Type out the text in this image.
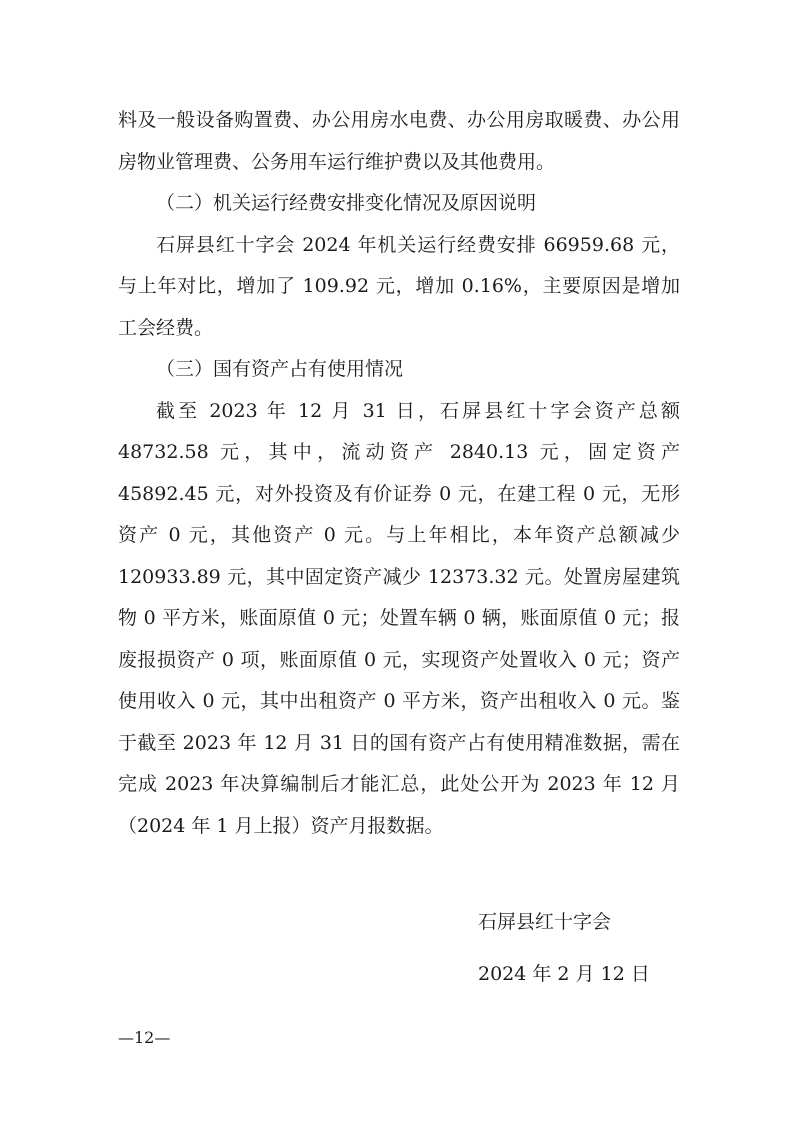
料及一般设备购置费、办公用房水电费、办公用房取暖费、办公用房物业管理费、公务用车运行维护费以及其他费用。

（二）机关运行经费安排变化情况及原因说明

石屏县红十字会 2024 年机关运行经费安排 66959.68 元，与上年对比，增加了 109.92 元，增加 0.16%，主要原因是增加工会经费。

（三）国有资产占有使用情况

截至 2023 年 12 月 31 日，石屏县红十字会资产总额 48732.58 元，其中，流动资产 2840.13 元，固定资产 45892.45 元，对外投资及有价证券 0 元，在建工程 0 元，无形资产 0 元，其他资产 0 元。与上年相比，本年资产总额减少 120933.89 元，其中固定资产减少 12373.32 元。处置房屋建筑物 0 平方米，账面原值 0 元；处置车辆 0 辆，账面原值 0 元；报废报损资产 0 项，账面原值 0 元，实现资产处置收入 0 元；资产使用收入 0 元，其中出租资产 0 平方米，资产出租收入 0 元。鉴于截至 2023 年 12 月 31 日的国有资产占有使用精准数据，需在完成 2023 年决算编制后才能汇总，此处公开为 2023 年 12 月（2024 年 1 月上报）资产月报数据。

石屏县红十字会
2024 年 2 月 12 日
—12—
